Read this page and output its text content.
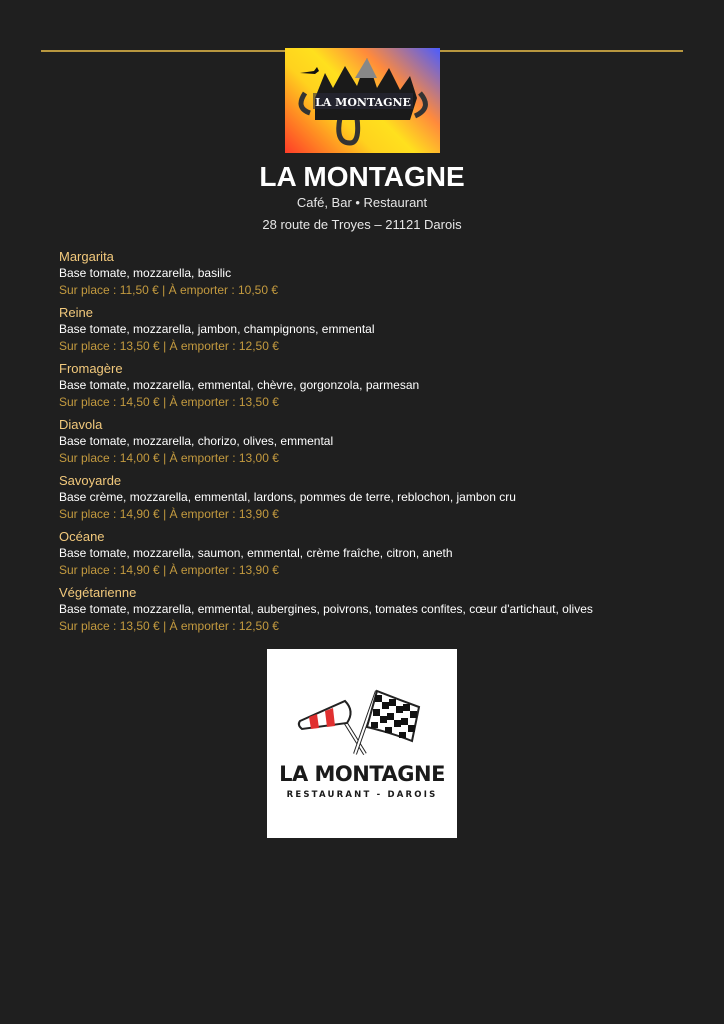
LA MONTAGNE
LA MONTAGNE
Café, Bar • Restaurant
28 route de Troyes – 21121 Darois
Margarita
Base tomate, mozzarella, basilic
Sur place : 11,50 € | À emporter : 10,50 €
Reine
Base tomate, mozzarella, jambon, champignons, emmental
Sur place : 13,50 € | À emporter : 12,50 €
Fromagère
Base tomate, mozzarella, emmental, chèvre, gorgonzola, parmesan
Sur place : 14,50 € | À emporter : 13,50 €
Diavola
Base tomate, mozzarella, chorizo, olives, emmental
Sur place : 14,00 € | À emporter : 13,00 €
Savoyarde
Base crème, mozzarella, emmental, lardons, pommes de terre, reblochon, jambon cru
Sur place : 14,90 € | À emporter : 13,90 €
Océane
Base tomate, mozzarella, saumon, emmental, crème fraîche, citron, aneth
Sur place : 14,90 € | À emporter : 13,90 €
Végétarienne
Base tomate, mozzarella, emmental, aubergines, poivrons, tomates confites, cœur d'artichaut, olives
Sur place : 13,50 € | À emporter : 12,50 €
LA MONTAGNE
RESTAURANT - DAROIS
